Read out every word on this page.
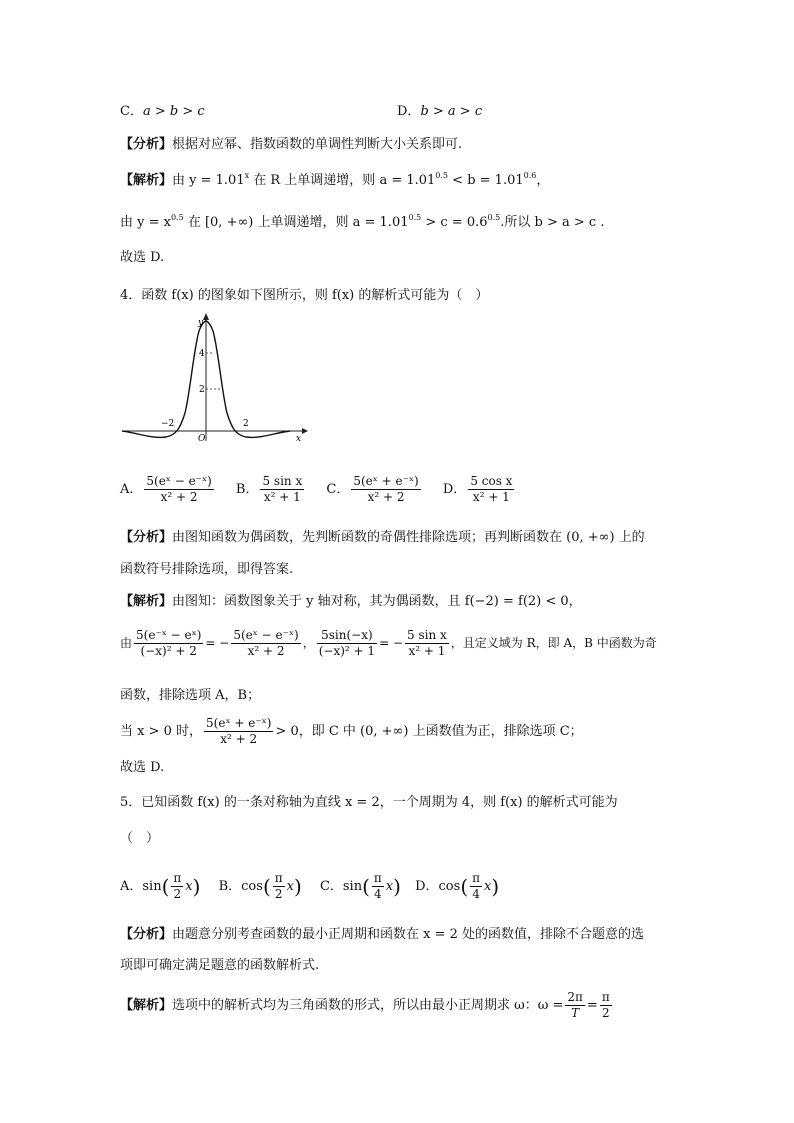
C．a > b > c	D．b > a > c
【分析】根据对应幂、指数函数的单调性判断大小关系即可.
【解析】由 $y = 1.01^x$ 在 R 上单调递增，则 $a = 1.01^{0.5} < b = 1.01^{0.6}$，
由 $y = x^{0.5}$ 在 [0, +∞) 上单调递增，则 $a = 1.01^{0.5} > c = 0.6^{0.5}$.所以 b > a > c .
故选 D.
4．函数 f(x) 的图象如下图所示，则 f(x) 的解析式可能为（　）
y
x
O
4
2
−2	2
A． $\frac{\text{5(eˣ − e⁻ˣ)}}{\text{x² + 2}}$ B． $\frac{\text{5 sin x}}{\text{x² + 1}}$ C． $\frac{\text{5(eˣ + e⁻ˣ)}}{\text{x² + 2}}$ D． $\frac{\text{5 cos x}}{\text{x² + 1}}$
【分析】由图知函数为偶函数，先判断函数的奇偶性排除选项；再判断函数在 (0, +∞) 上的
函数符号排除选项，即得答案.
【解析】由图知：函数图象关于 y 轴对称，其为偶函数，且 f(−2) = f(2) < 0，
由 $\frac{\text{5(e⁻ˣ − eˣ)}}{\text{(−x)² + 2}}$ = − $\frac{\text{5(eˣ − e⁻ˣ)}}{\text{x² + 2}}$ ， $\frac{5\sin(-x)}{\text{(−x)² + 1}}$ = − $\frac{\text{5 sin x}}{\text{x² + 1}}$ ，且定义域为 R，即 A，B 中函数为奇
函数，排除选项 A，B；
当 x > 0 时， $\frac{\text{5(eˣ + e⁻ˣ)}}{\text{x² + 2}} > 0$，即 C 中 (0, +∞) 上函数值为正，排除选项 C；
故选 D.
5．已知函数 f(x) 的一条对称轴为直线 x = 2，一个周期为 4，则 f(x) 的解析式可能为
（　）
A．$\sin( \frac{\pi}{2} x)$ B．$\cos( \frac{\pi}{2} x)$ C．$\sin( \frac{\pi}{4} x)$ D．$\cos( \frac{\pi}{4} x)$
【分析】由题意分别考查函数的最小正周期和函数在 x = 2 处的函数值，排除不合题意的选
项即可确定满足题意的函数解析式.
【解析】选项中的解析式均为三角函数的形式，所以由最小正周期求 ω：$\omega = \frac{2\pi}{T} = \frac{\pi}{2}$
